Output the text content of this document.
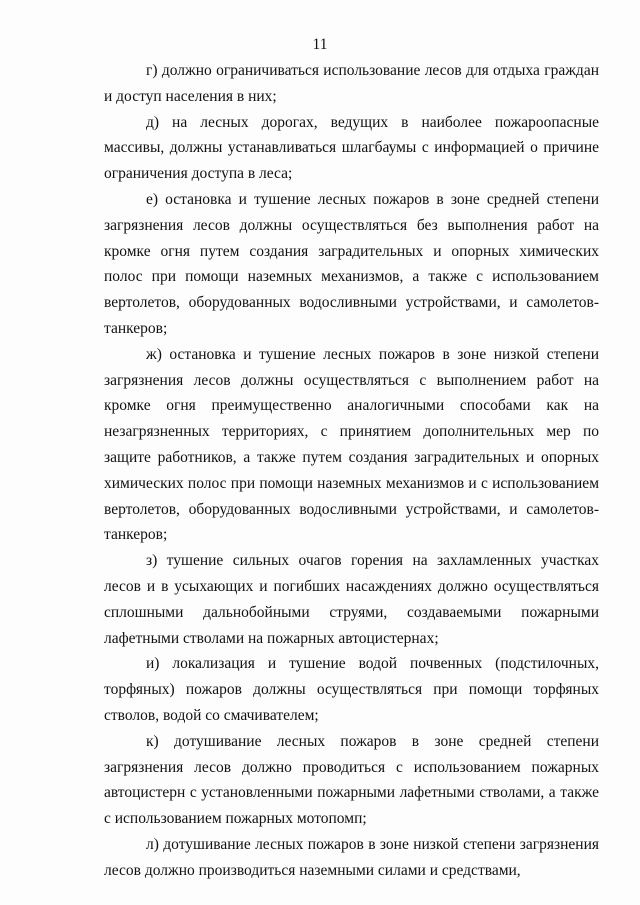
11

г) должно ограничиваться использование лесов для отдыха граждан и доступ населения в них;

д) на лесных дорогах, ведущих в наиболее пожароопасные массивы, должны устанавливаться шлагбаумы с информацией о причине ограничения доступа в леса;

е) остановка и тушение лесных пожаров в зоне средней степени загрязнения лесов должны осуществляться без выполнения работ на кромке огня путем создания заградительных и опорных химических полос при помощи наземных механизмов, а также с использованием вертолетов, оборудованных водосливными устройствами, и самолетов-танкеров;

ж) остановка и тушение лесных пожаров в зоне низкой степени загрязнения лесов должны осуществляться с выполнением работ на кромке огня преимущественно аналогичными способами как на незагрязненных территориях, с принятием дополнительных мер по защите работников, а также путем создания заградительных и опорных химических полос при помощи наземных механизмов и с использованием вертолетов, оборудованных водосливными устройствами, и самолетов-танкеров;

з) тушение сильных очагов горения на захламленных участках лесов и в усыхающих и погибших насаждениях должно осуществляться сплошными дальнобойными струями, создаваемыми пожарными лафетными стволами на пожарных автоцистернах;

и) локализация и тушение водой почвенных (подстилочных, торфяных) пожаров должны осуществляться при помощи торфяных стволов, водой со смачивателем;

к) дотушивание лесных пожаров в зоне средней степени загрязнения лесов должно проводиться с использованием пожарных автоцистерн с установленными пожарными лафетными стволами, а также с использованием пожарных мотопомп;

л) дотушивание лесных пожаров в зоне низкой степени загрязнения лесов должно производиться наземными силами и средствами,
